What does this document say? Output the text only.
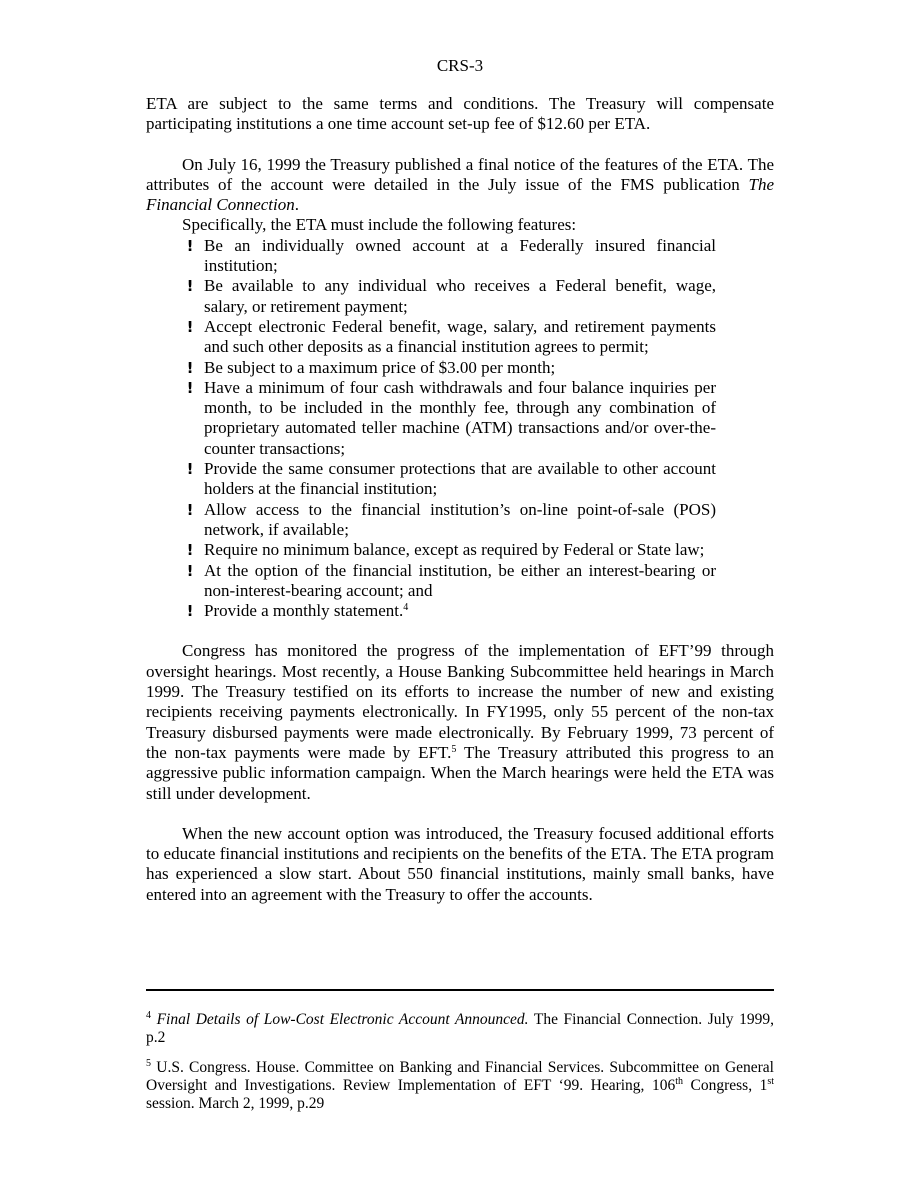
CRS-3

ETA are subject to the same terms and conditions. The Treasury will compensate participating institutions a one time account set-up fee of $12.60 per ETA.

On July 16, 1999 the Treasury published a final notice of the features of the ETA. The attributes of the account were detailed in the July issue of the FMS publication The Financial Connection.

Specifically, the ETA must include the following features:

! Be an individually owned account at a Federally insured financial institution;
! Be available to any individual who receives a Federal benefit, wage, salary, or retirement payment;
! Accept electronic Federal benefit, wage, salary, and retirement payments and such other deposits as a financial institution agrees to permit;
! Be subject to a maximum price of $3.00 per month;
! Have a minimum of four cash withdrawals and four balance inquiries per month, to be included in the monthly fee, through any combination of proprietary automated teller machine (ATM) transactions and/or over-the- counter transactions;
! Provide the same consumer protections that are available to other account holders at the financial institution;
! Allow access to the financial institution’s on-line point-of-sale (POS) network, if available;
! Require no minimum balance, except as required by Federal or State law;
! At the option of the financial institution, be either an interest-bearing or non-interest-bearing account; and
! Provide a monthly statement.$^4$

Congress has monitored the progress of the implementation of EFT’99 through oversight hearings. Most recently, a House Banking Subcommittee held hearings in March 1999. The Treasury testified on its efforts to increase the number of new and existing recipients receiving payments electronically. In FY1995, only 55 percent of the non-tax Treasury disbursed payments were made electronically. By February 1999, 73 percent of the non-tax payments were made by EFT.$^5$ The Treasury attributed this progress to an aggressive public information campaign. When the March hearings were held the ETA was still under development.

When the new account option was introduced, the Treasury focused additional efforts to educate financial institutions and recipients on the benefits of the ETA. The ETA program has experienced a slow start. About 550 financial institutions, mainly small banks, have entered into an agreement with the Treasury to offer the accounts.

$^4$ Final Details of Low-Cost Electronic Account Announced. The Financial Connection. July 1999, p.2

$^5$ U.S. Congress. House. Committee on Banking and Financial Services. Subcommittee on General Oversight and Investigations. Review Implementation of EFT ‘99. Hearing, 106th Congress, 1st session. March 2, 1999, p.29
